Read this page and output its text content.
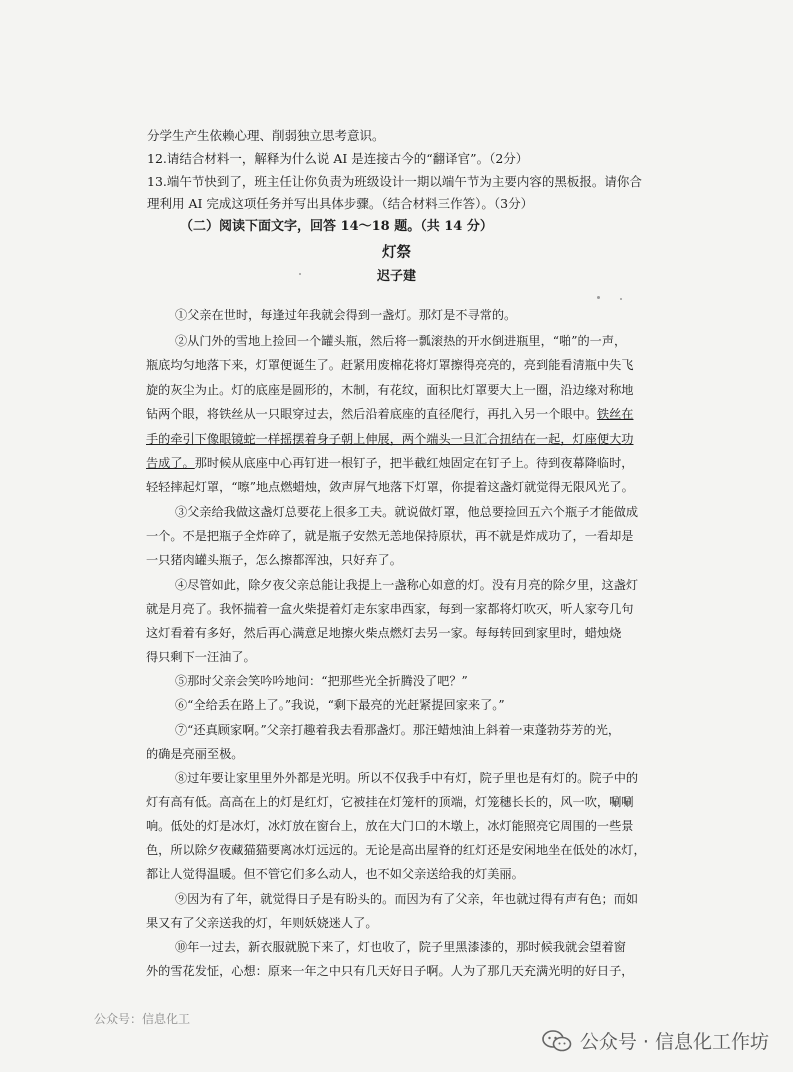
分学生产生依赖心理、削弱独立思考意识。
12.请结合材料一，解释为什么说 AI 是连接古今的“翻译官”。（2分）
13.端午节快到了，班主任让你负责为班级设计一期以端午节为主要内容的黑板报。请你合
理利用 AI 完成这项任务并写出具体步骤。（结合材料三作答）。（3分）
（二）阅读下面文字，回答 14～18 题。（共 14 分）
灯祭
迟子建
①父亲在世时，每逢过年我就会得到一盏灯。那灯是不寻常的。
②从门外的雪地上捡回一个罐头瓶，然后将一瓢滚热的开水倒进瓶里，“啪”的一声，
瓶底均匀地落下来，灯罩便诞生了。赶紧用废棉花将灯罩擦得亮亮的，亮到能看清瓶中失飞
旋的灰尘为止。灯的底座是圆形的，木制，有花纹，面积比灯罩要大上一圈，沿边缘对称地
钻两个眼，将铁丝从一只眼穿过去，然后沿着底座的直径爬行，再扎入另一个眼中。铁丝在
手的牵引下像眼镜蛇一样摇摆着身子朝上伸展，两个端头一旦汇合扭结在一起，灯座便大功
告成了。那时候从底座中心再钉进一根钉子，把半截红烛固定在钉子上。待到夜幕降临时，
轻轻摔起灯罩，“嚓”地点燃蜡烛，敛声屏气地落下灯罩，你提着这盏灯就觉得无限风光了。
③父亲给我做这盏灯总要花上很多工夫。就说做灯罩，他总要捡回五六个瓶子才能做成
一个。不是把瓶子全炸碎了，就是瓶子安然无恙地保持原状，再不就是炸成功了，一看却是
一只猪肉罐头瓶子，怎么擦都浑浊，只好弃了。
④尽管如此，除夕夜父亲总能让我提上一盏称心如意的灯。没有月亮的除夕里，这盏灯
就是月亮了。我怀揣着一盒火柴提着灯走东家串西家，每到一家都将灯吹灭，听人家夸几句
这灯看着有多好，然后再心满意足地擦火柴点燃灯去另一家。每每转回到家里时，蜡烛烧
得只剩下一汪油了。
⑤那时父亲会笑吟吟地问：“把那些光全折腾没了吧？”
⑥“全给丢在路上了。”我说，“剩下最亮的光赶紧提回家来了。”
⑦“还真顾家啊。”父亲打趣着我去看那盏灯。那汪蜡烛油上斜着一束蓬勃芬芳的光，
的确是亮丽至极。
⑧过年要让家里里外外都是光明。所以不仅我手中有灯，院子里也是有灯的。院子中的
灯有高有低。高高在上的灯是红灯，它被挂在灯笼杆的顶端，灯笼穗长长的，风一吹，唰唰
响。低处的灯是冰灯，冰灯放在窗台上，放在大门口的木墩上，冰灯能照亮它周围的一些景
色，所以除夕夜藏猫猫要离冰灯远远的。无论是高出屋脊的红灯还是安闲地坐在低处的冰灯，
都让人觉得温暖。但不管它们多么动人，也不如父亲送给我的灯美丽。
⑨因为有了年，就觉得日子是有盼头的。而因为有了父亲，年也就过得有声有色；而如
果又有了父亲送我的灯，年则妖娆迷人了。
⑩年一过去，新衣服就脱下来了，灯也收了，院子里黑漆漆的，那时候我就会望着窗
外的雪花发怔，心想：原来一年之中只有几天好日子啊。人为了那几天充满光明的好日子，
公众号：信息化工
公众号 · 信息化工作坊
